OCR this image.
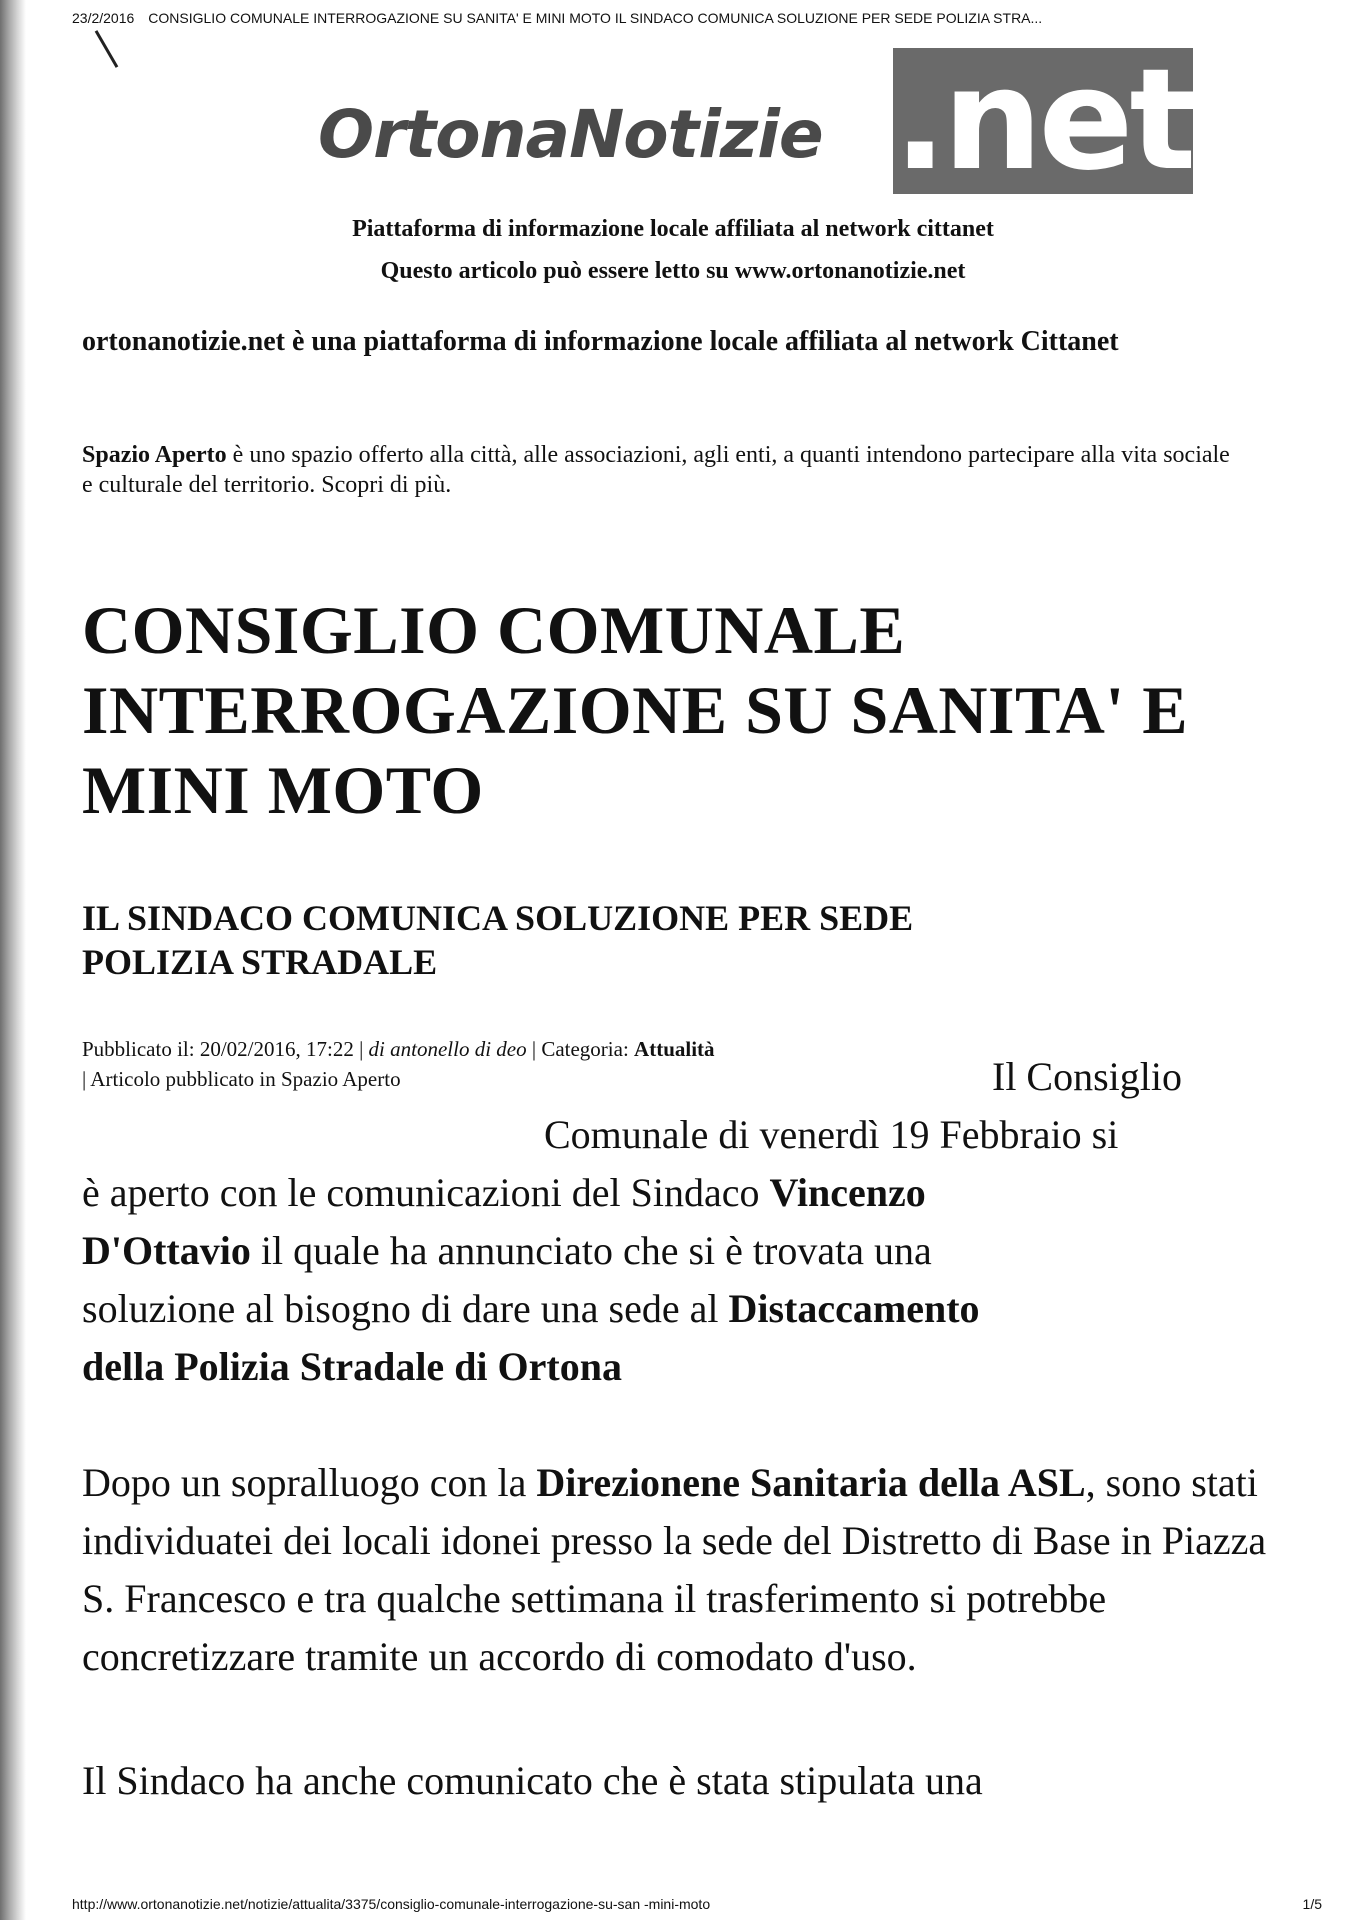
23/2/2016 CONSIGLIO COMUNALE INTERROGAZIONE SU SANITA' E MINI MOTO IL SINDACO COMUNICA SOLUZIONE PER SEDE POLIZIA STRA...
OrtonaNotizie .net
Piattaforma di informazione locale affiliata al network cittanet
Questo articolo può essere letto su www.ortonanotizie.net
ortonanotizie.net è una piattaforma di informazione locale affiliata al network Cittanet
Spazio Aperto è uno spazio offerto alla città, alle associazioni, agli enti, a quanti intendono partecipare alla vita sociale e culturale del territorio. Scopri di più.
CONSIGLIO COMUNALE
INTERROGAZIONE SU SANITA' E
MINI MOTO
IL SINDACO COMUNICA SOLUZIONE PER SEDE
POLIZIA STRADALE
Pubblicato il: 20/02/2016, 17:22 | di antonello di deo | Categoria: Attualità
| Articolo pubblicato in Spazio Aperto	Il Consiglio
Comunale di venerdì 19 Febbraio si
è aperto con le comunicazioni del Sindaco Vincenzo
D'Ottavio il quale ha annunciato che si è trovata una
soluzione al bisogno di dare una sede al Distaccamento
della Polizia Stradale di Ortona
Dopo un sopralluogo con la Direzionene Sanitaria della ASL, sono stati individuatei dei locali idonei presso la sede del Distretto di Base in Piazza S. Francesco e tra qualche settimana il trasferimento si potrebbe concretizzare tramite un accordo di comodato d'uso.
Il Sindaco ha anche comunicato che è stata stipulata una
http://www.ortonanotizie.net/notizie/attualita/3375/consiglio-comunale-interrogazione-su-san -mini-moto	1/5
